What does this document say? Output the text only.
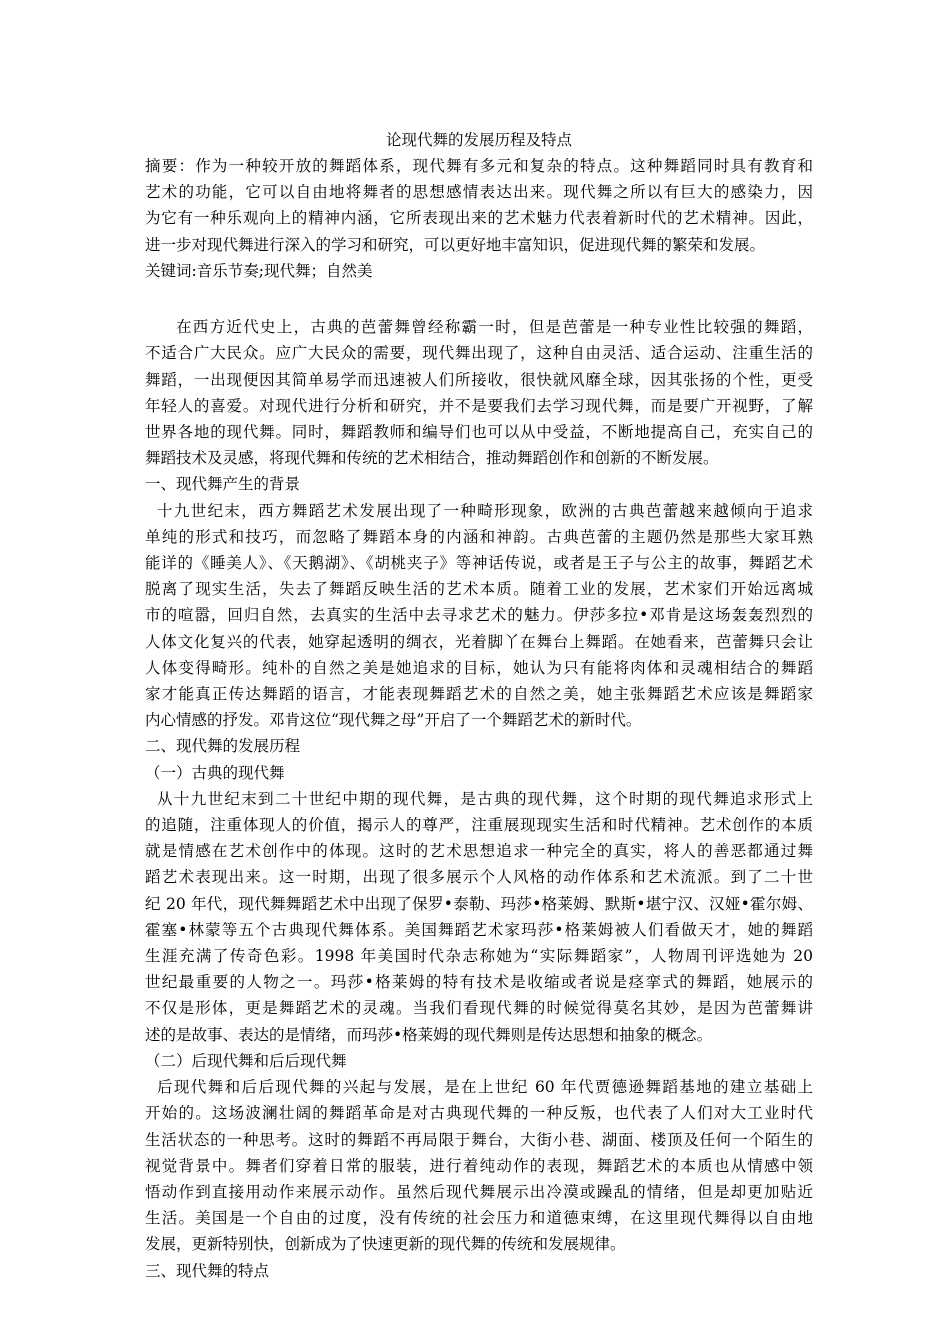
论现代舞的发展历程及特点

摘要：作为一种较开放的舞蹈体系，现代舞有多元和复杂的特点。这种舞蹈同时具有教育和

艺术的功能，它可以自由地将舞者的思想感情表达出来。现代舞之所以有巨大的感染力，因

为它有一种乐观向上的精神内涵，它所表现出来的艺术魅力代表着新时代的艺术精神。因此，

进一步对现代舞进行深入的学习和研究，可以更好地丰富知识，促进现代舞的繁荣和发展。

关键词:音乐节奏;现代舞；自然美

在西方近代史上，古典的芭蕾舞曾经称霸一时，但是芭蕾是一种专业性比较强的舞蹈，

不适合广大民众。应广大民众的需要，现代舞出现了，这种自由灵活、适合运动、注重生活的

舞蹈，一出现便因其简单易学而迅速被人们所接收，很快就风靡全球，因其张扬的个性，更受

年轻人的喜爱。对现代进行分析和研究，并不是要我们去学习现代舞，而是要广开视野，了解

世界各地的现代舞。同时，舞蹈教师和编导们也可以从中受益，不断地提高自己，充实自己的

舞蹈技术及灵感，将现代舞和传统的艺术相结合，推动舞蹈创作和创新的不断发展。

一、现代舞产生的背景

十九世纪末，西方舞蹈艺术发展出现了一种畸形现象，欧洲的古典芭蕾越来越倾向于追求

单纯的形式和技巧，而忽略了舞蹈本身的内涵和神韵。古典芭蕾的主题仍然是那些大家耳熟

能详的《睡美人》、《天鹅湖》、《胡桃夹子》等神话传说，或者是王子与公主的故事，舞蹈艺术

脱离了现实生活，失去了舞蹈反映生活的艺术本质。随着工业的发展，艺术家们开始远离城

市的喧嚣，回归自然，去真实的生活中去寻求艺术的魅力。伊莎多拉•邓肯是这场轰轰烈烈的

人体文化复兴的代表，她穿起透明的绸衣，光着脚丫在舞台上舞蹈。在她看来，芭蕾舞只会让

人体变得畸形。纯朴的自然之美是她追求的目标，她认为只有能将肉体和灵魂相结合的舞蹈

家才能真正传达舞蹈的语言，才能表现舞蹈艺术的自然之美，她主张舞蹈艺术应该是舞蹈家

内心情感的抒发。邓肯这位“现代舞之母”开启了一个舞蹈艺术的新时代。

二、现代舞的发展历程

（一）古典的现代舞

从十九世纪末到二十世纪中期的现代舞，是古典的现代舞，这个时期的现代舞追求形式上

的追随，注重体现人的价值，揭示人的尊严，注重展现现实生活和时代精神。艺术创作的本质

就是情感在艺术创作中的体现。这时的艺术思想追求一种完全的真实，将人的善恶都通过舞

蹈艺术表现出来。这一时期，出现了很多展示个人风格的动作体系和艺术流派。到了二十世

纪 20 年代，现代舞舞蹈艺术中出现了保罗•泰勒、玛莎•格莱姆、默斯•堪宁汉、汉娅•霍尔姆、

霍塞•林蒙等五个古典现代舞体系。美国舞蹈艺术家玛莎•格莱姆被人们看做天才，她的舞蹈

生涯充满了传奇色彩。1998 年美国时代杂志称她为“实际舞蹈家”，人物周刊评选她为 20

世纪最重要的人物之一。玛莎•格莱姆的特有技术是收缩或者说是痉挛式的舞蹈，她展示的

不仅是形体，更是舞蹈艺术的灵魂。当我们看现代舞的时候觉得莫名其妙，是因为芭蕾舞讲

述的是故事、表达的是情绪，而玛莎•格莱姆的现代舞则是传达思想和抽象的概念。

（二）后现代舞和后后现代舞

后现代舞和后后现代舞的兴起与发展，是在上世纪 60 年代贾德逊舞蹈基地的建立基础上

开始的。这场波澜壮阔的舞蹈革命是对古典现代舞的一种反叛，也代表了人们对大工业时代

生活状态的一种思考。这时的舞蹈不再局限于舞台，大街小巷、湖面、楼顶及任何一个陌生的

视觉背景中。舞者们穿着日常的服装，进行着纯动作的表现，舞蹈艺术的本质也从情感中领

悟动作到直接用动作来展示动作。虽然后现代舞展示出冷漠或躁乱的情绪，但是却更加贴近

生活。美国是一个自由的过度，没有传统的社会压力和道德束缚，在这里现代舞得以自由地

发展，更新特别快，创新成为了快速更新的现代舞的传统和发展规律。

三、现代舞的特点
